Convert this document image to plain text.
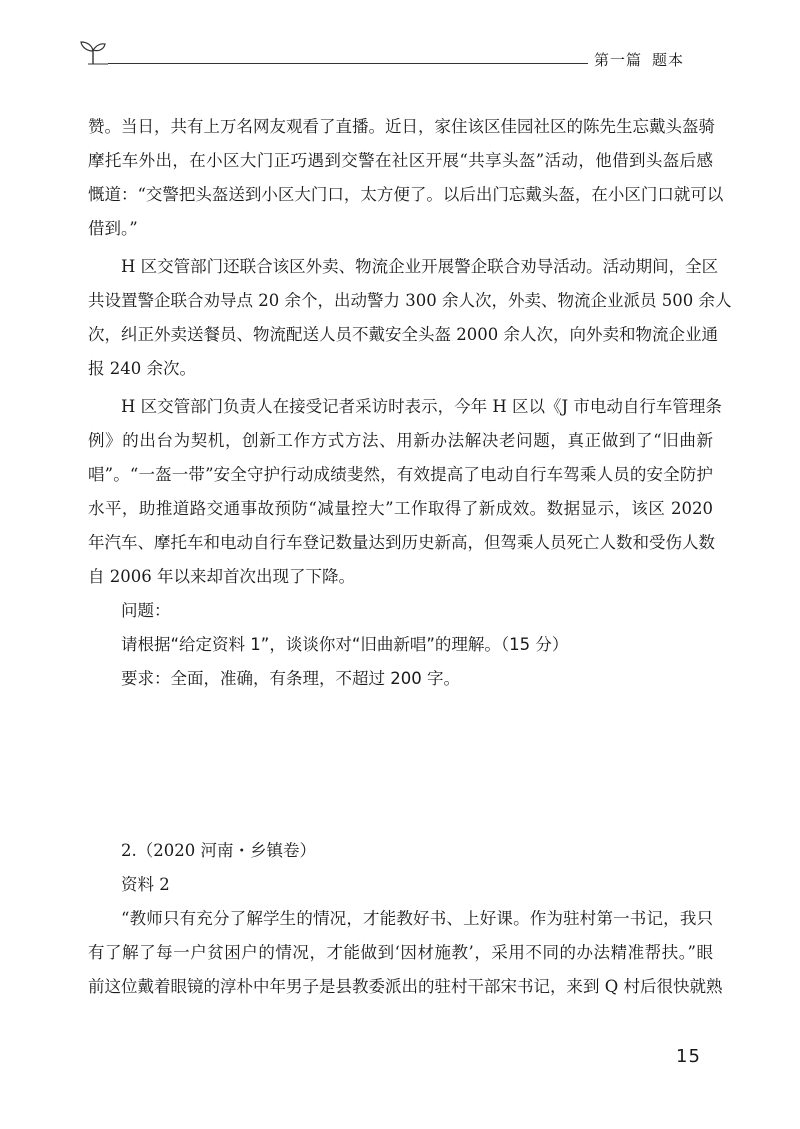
第一篇 题本

赞。当日，共有上万名网友观看了直播。近日，家住该区佳园社区的陈先生忘戴头盔骑
摩托车外出，在小区大门正巧遇到交警在社区开展“共享头盔”活动，他借到头盔后感
慨道：“交警把头盔送到小区大门口，太方便了。以后出门忘戴头盔，在小区门口就可以
借到。”

H 区交管部门还联合该区外卖、物流企业开展警企联合劝导活动。活动期间，全区
共设置警企联合劝导点 20 余个，出动警力 300 余人次，外卖、物流企业派员 500 余人
次，纠正外卖送餐员、物流配送人员不戴安全头盔 2000 余人次，向外卖和物流企业通
报 240 余次。

H 区交管部门负责人在接受记者采访时表示，今年 H 区以《J 市电动自行车管理条
例》的出台为契机，创新工作方式方法、用新办法解决老问题，真正做到了“旧曲新
唱”。“一盔一带”安全守护行动成绩斐然，有效提高了电动自行车驾乘人员的安全防护
水平，助推道路交通事故预防“减量控大”工作取得了新成效。数据显示，该区 2020
年汽车、摩托车和电动自行车登记数量达到历史新高，但驾乘人员死亡人数和受伤人数
自 2006 年以来却首次出现了下降。

问题：
请根据“给定资料 1”，谈谈你对“旧曲新唱”的理解。（15 分）
要求：全面，准确，有条理，不超过 200 字。
2.（2020 河南・乡镇卷）
资料 2

“教师只有充分了解学生的情况，才能教好书、上好课。作为驻村第一书记，我只
有了解了每一户贫困户的情况，才能做到‘因材施教’，采用不同的办法精准帮扶。”眼
前这位戴着眼镜的淳朴中年男子是县教委派出的驻村干部宋书记，来到 Q 村后很快就熟

15
